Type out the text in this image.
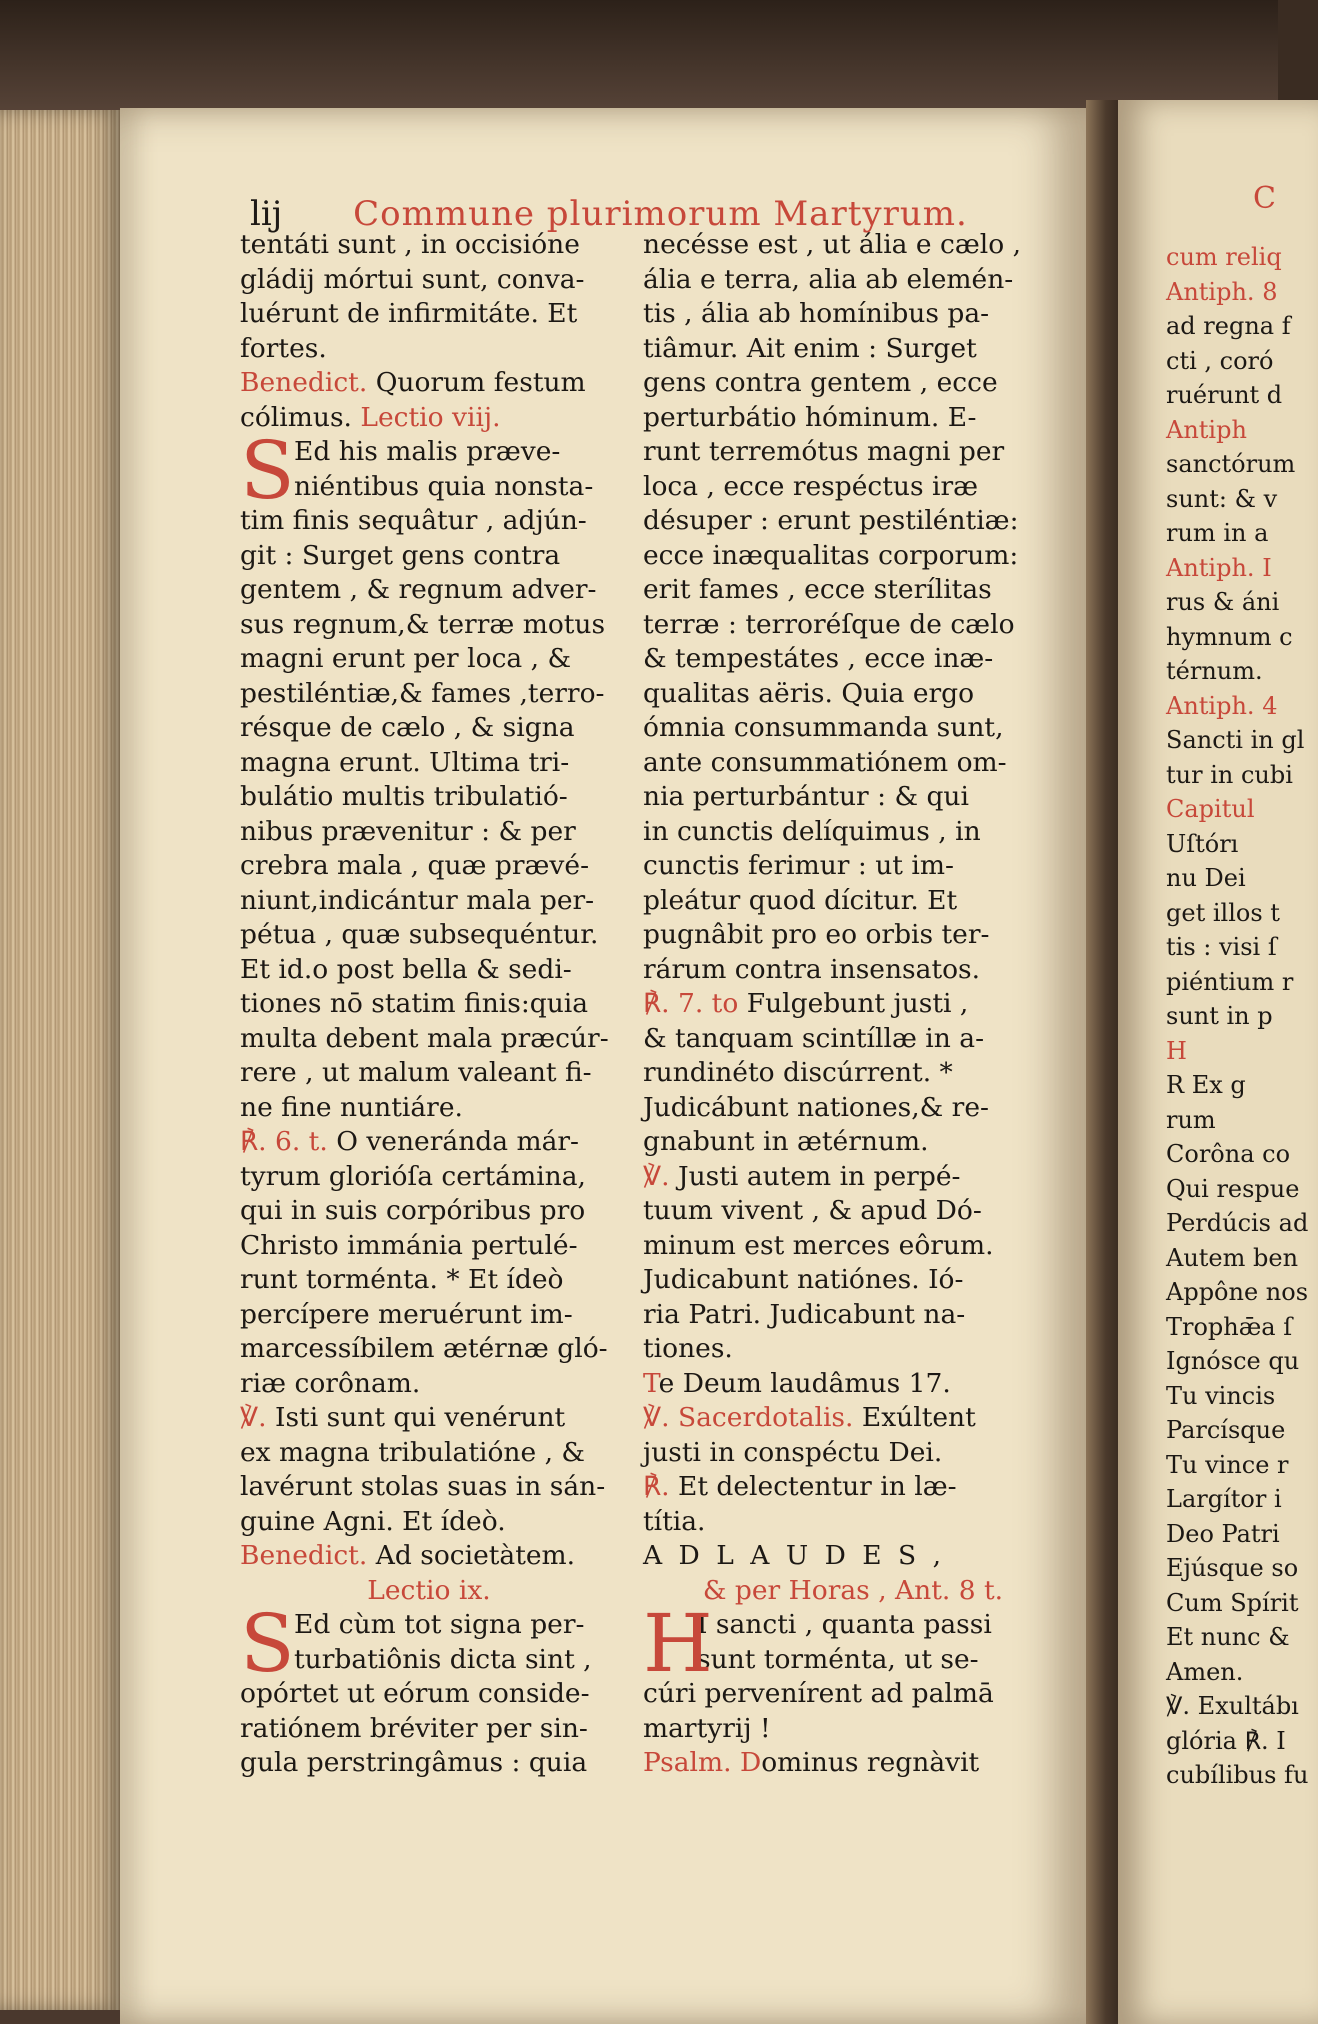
lij Commune plurimorum Martyrum.
tentáti sunt , in occisióne
gládij mórtui sunt, conva-
luérunt de infirmitáte. Et
fortes.
Benedict. Quorum festum
cólimus. Lectio viij.
Ed his malis præve-
S niéntibus quia nonsta-
tim finis sequâtur , adjún-
git : Surget gens contra
gentem , & regnum adver-
sus regnum,& terræ motus
magni erunt per loca , &
pestiléntiæ,& fames ,terro-
résque de cælo , & signa
magna erunt. Ultima tri-
bulátio multis tribulatió-
nibus prævenitur : & per
crebra mala , quæ prævé-
niunt,indicántur mala per-
pétua , quæ subsequéntur.
Et id.o post bella & sedi-
tiones nō statim finis:quia
multa debent mala præcúr-
rere , ut malum valeant fi-
ne fine nuntiáre.
℟. 6. t. O veneránda már-
tyrum glorióſa certámina,
qui in suis corpóribus pro
Christo immánia pertulé-
runt torménta. * Et ídeò
percípere meruérunt im-
marcessíbilem ætérnæ gló-
riæ corônam.
℣. Isti sunt qui venérunt
ex magna tribulatióne , &
lavérunt stolas suas in sán-
guine Agni. Et ídeò.
Benedict. Ad societàtem.
Lectio ix.
Ed cùm tot signa per-
S turbatiônis dicta sint ,
opórtet ut eórum conside-
ratiónem bréviter per sin-
gula perstringâmus : quia
necésse est , ut ália e cælo ,
ália e terra, alia ab elemén-
tis , ália ab homínibus pa-
tiâmur. Ait enim : Surget
gens contra gentem , ecce
perturbátio hóminum. E-
runt terremótus magni per
loca , ecce respéctus iræ
désuper : erunt pestiléntiæ:
ecce inæqualitas corporum:
erit fames , ecce sterílitas
terræ : terroréſque de cælo
& tempestátes , ecce inæ-
qualitas aëris. Quia ergo
ómnia consummanda sunt,
ante consummatiónem om-
nia perturbántur : & qui
in cunctis delíquimus , in
cunctis ferimur : ut im-
pleátur quod dícitur. Et
pugnâbit pro eo orbis ter-
rárum contra insensatos.
℟. 7. to Fulgebunt justi ,
& tanquam scintíllæ in a-
rundinéto discúrrent. *
Judicábunt nationes,& re-
gnabunt in ætérnum.
℣. Justi autem in perpé-
tuum vivent , & apud Dó-
minum est merces eôrum.
Judicabunt natiónes. Ió-
ria Patri. Judicabunt na-
tiones.
Te Deum laudâmus 17.
℣. Sacerdotalis. Exúltent
justi in conspéctu Dei.
℟. Et delectentur in læ-
títia.
A D L A U D E S ,
& per Horas , Ant. 8 t.
I sancti , quanta passi
H
sunt torménta, ut se-
cúri pervenírent ad palmā
martyrij !
Psalm. Dominus regnàvit
C
cum reliq
Antiph. 8
ad regna f
cti , coró
ruérunt d
Antiph
sanctórum
sunt: & v
rum in a
Antiph. I
rus & áni
hymnum c
térnum.
Antiph. 4
Sancti in gl
tur in cubi
Capitul
Uſtórı
nu Dei
get illos t
tis : visi ſ
piéntium r
sunt in p
H
R Ex g
rum
Corôna co
Qui respue
Perdúcis ad
Autem ben
Appône nos
Trophǣa ſ
Ignósce qu
Tu vincis
Parcísque
Tu vince r
Largítor i
Deo Patri
Ejúsque so
Cum Spírit
Et nunc &
Amen.
℣. Exultábı
glória ℟. I
cubílibus fu
